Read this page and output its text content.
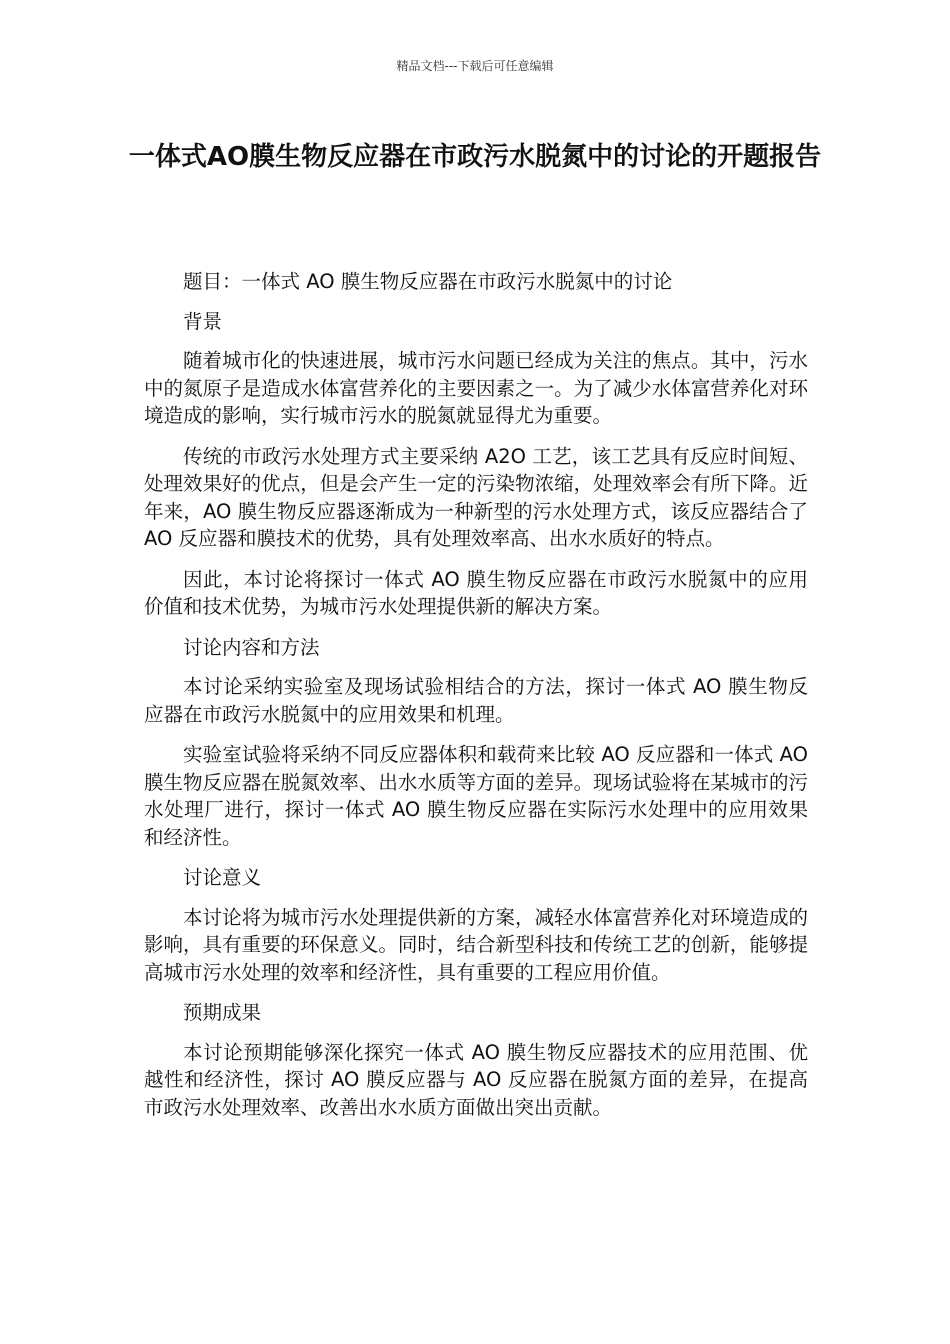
精品文档---下载后可任意编辑
一体式AO膜生物反应器在市政污水脱氮中的讨论的开题报告

题目：一体式 AO 膜生物反应器在市政污水脱氮中的讨论

背景

随着城市化的快速进展，城市污水问题已经成为关注的焦点。其中，污水中的氮原子是造成水体富营养化的主要因素之一。为了减少水体富营养化对环境造成的影响，实行城市污水的脱氮就显得尤为重要。

传统的市政污水处理方式主要采纳 A2O 工艺，该工艺具有反应时间短、处理效果好的优点，但是会产生一定的污染物浓缩，处理效率会有所下降。近年来，AO 膜生物反应器逐渐成为一种新型的污水处理方式，该反应器结合了 AO 反应器和膜技术的优势，具有处理效率高、出水水质好的特点。

因此，本讨论将探讨一体式 AO 膜生物反应器在市政污水脱氮中的应用价值和技术优势，为城市污水处理提供新的解决方案。

讨论内容和方法

本讨论采纳实验室及现场试验相结合的方法，探讨一体式 AO 膜生物反应器在市政污水脱氮中的应用效果和机理。

实验室试验将采纳不同反应器体积和载荷来比较 AO 反应器和一体式 AO 膜生物反应器在脱氮效率、出水水质等方面的差异。现场试验将在某城市的污水处理厂进行，探讨一体式 AO 膜生物反应器在实际污水处理中的应用效果和经济性。

讨论意义

本讨论将为城市污水处理提供新的方案，减轻水体富营养化对环境造成的影响，具有重要的环保意义。同时，结合新型科技和传统工艺的创新，能够提高城市污水处理的效率和经济性，具有重要的工程应用价值。

预期成果

本讨论预期能够深化探究一体式 AO 膜生物反应器技术的应用范围、优越性和经济性，探讨 AO 膜反应器与 AO 反应器在脱氮方面的差异，在提高市政污水处理效率、改善出水水质方面做出突出贡献。
